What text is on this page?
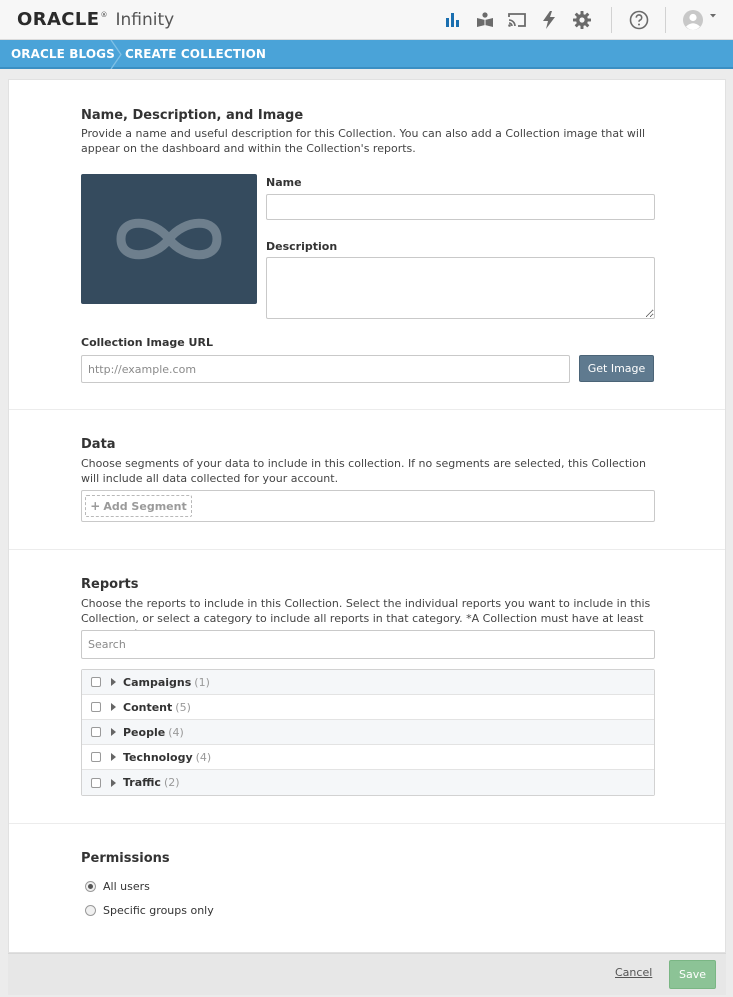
ORACLE ® Infinity
ORACLE BLOGS CREATE COLLECTION
Name, Description, and Image
Provide a name and useful description for this Collection. You can also add a Collection image that will appear on the dashboard and within the Collection's reports.
Name
Description
Collection Image URL
http://example.com
Get Image
Data
Choose segments of your data to include in this collection. If no segments are selected, this Collection will include all data collected for your account.
+ Add Segment
Reports
Choose the reports to include in this Collection. Select the individual reports you want to include in this Collection, or select a category to include all reports in that category. *A Collection must have at least
Search
Campaigns (1)
Content (5)
People (4)
Technology (4)
Traffic (2)
Permissions
All users
Specific groups only
Cancel	Save
